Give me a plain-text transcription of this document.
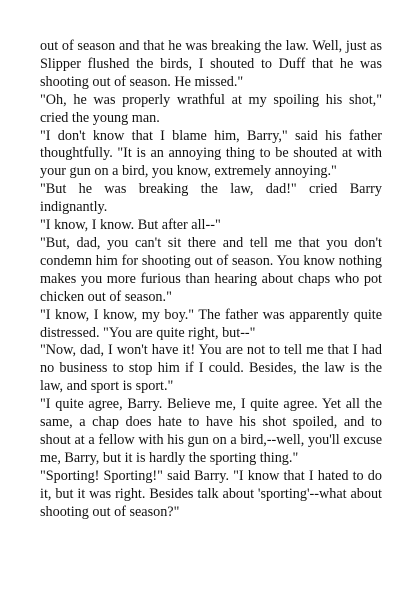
out of season and that he was breaking the law. Well, just as Slipper flushed the birds, I shouted to Duff that he was shooting out of season. He missed."

"Oh, he was properly wrathful at my spoiling his shot," cried the young man.

"I don't know that I blame him, Barry," said his father thoughtfully. "It is an annoying thing to be shouted at with your gun on a bird, you know, extremely annoying."

"But he was breaking the law, dad!" cried Barry indignantly.

"I know, I know. But after all--"

"But, dad, you can't sit there and tell me that you don't condemn him for shooting out of season. You know nothing makes you more furious than hearing about chaps who pot chicken out of season."

"I know, I know, my boy." The father was apparently quite distressed. "You are quite right, but--"

"Now, dad, I won't have it! You are not to tell me that I had no business to stop him if I could. Besides, the law is the law, and sport is sport."

"I quite agree, Barry. Believe me, I quite agree. Yet all the same, a chap does hate to have his shot spoiled, and to shout at a fellow with his gun on a bird,--well, you'll excuse me, Barry, but it is hardly the sporting thing."

"Sporting! Sporting!" said Barry. "I know that I hated to do it, but it was right. Besides talk about 'sporting'--what about shooting out of season?"
